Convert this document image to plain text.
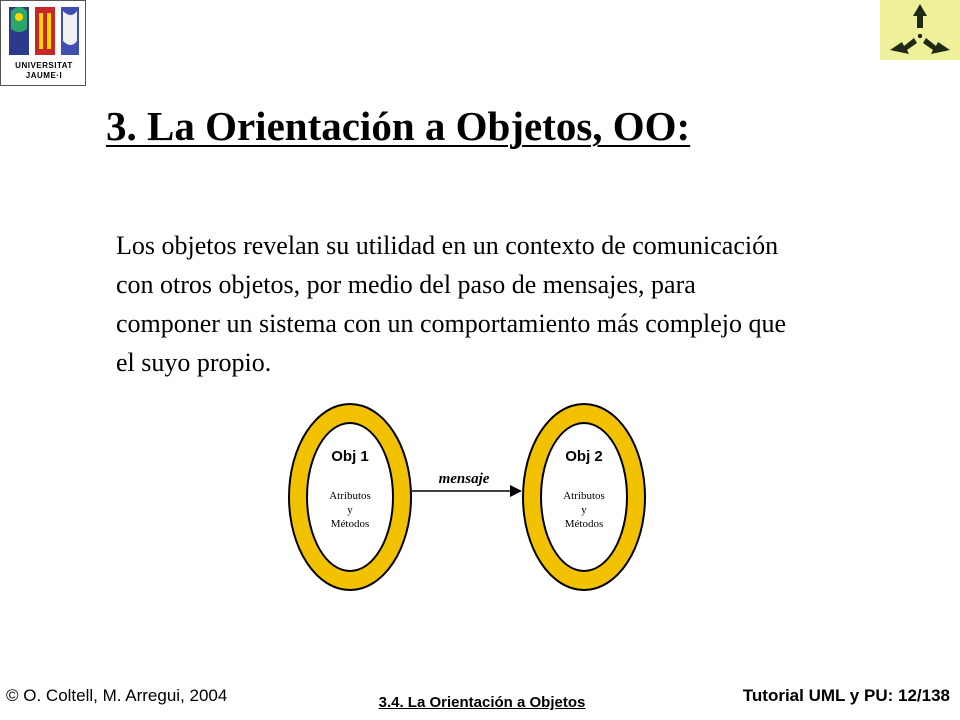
UNIVERSITAT
JAUME·I
3. La Orientación a Objetos, OO:
Los objetos revelan su utilidad en un contexto de comunicación con otros objetos, por medio del paso de mensajes, para componer un sistema con un comportamiento más complejo que el suyo propio.
Obj 1
Atributos
y
Métodos
mensaje
Obj 2
Atributos
y
Métodos
© O. Coltell, M. Arregui, 2004	3.4. La Orientación a Objetos	Tutorial UML y PU: 12/138
